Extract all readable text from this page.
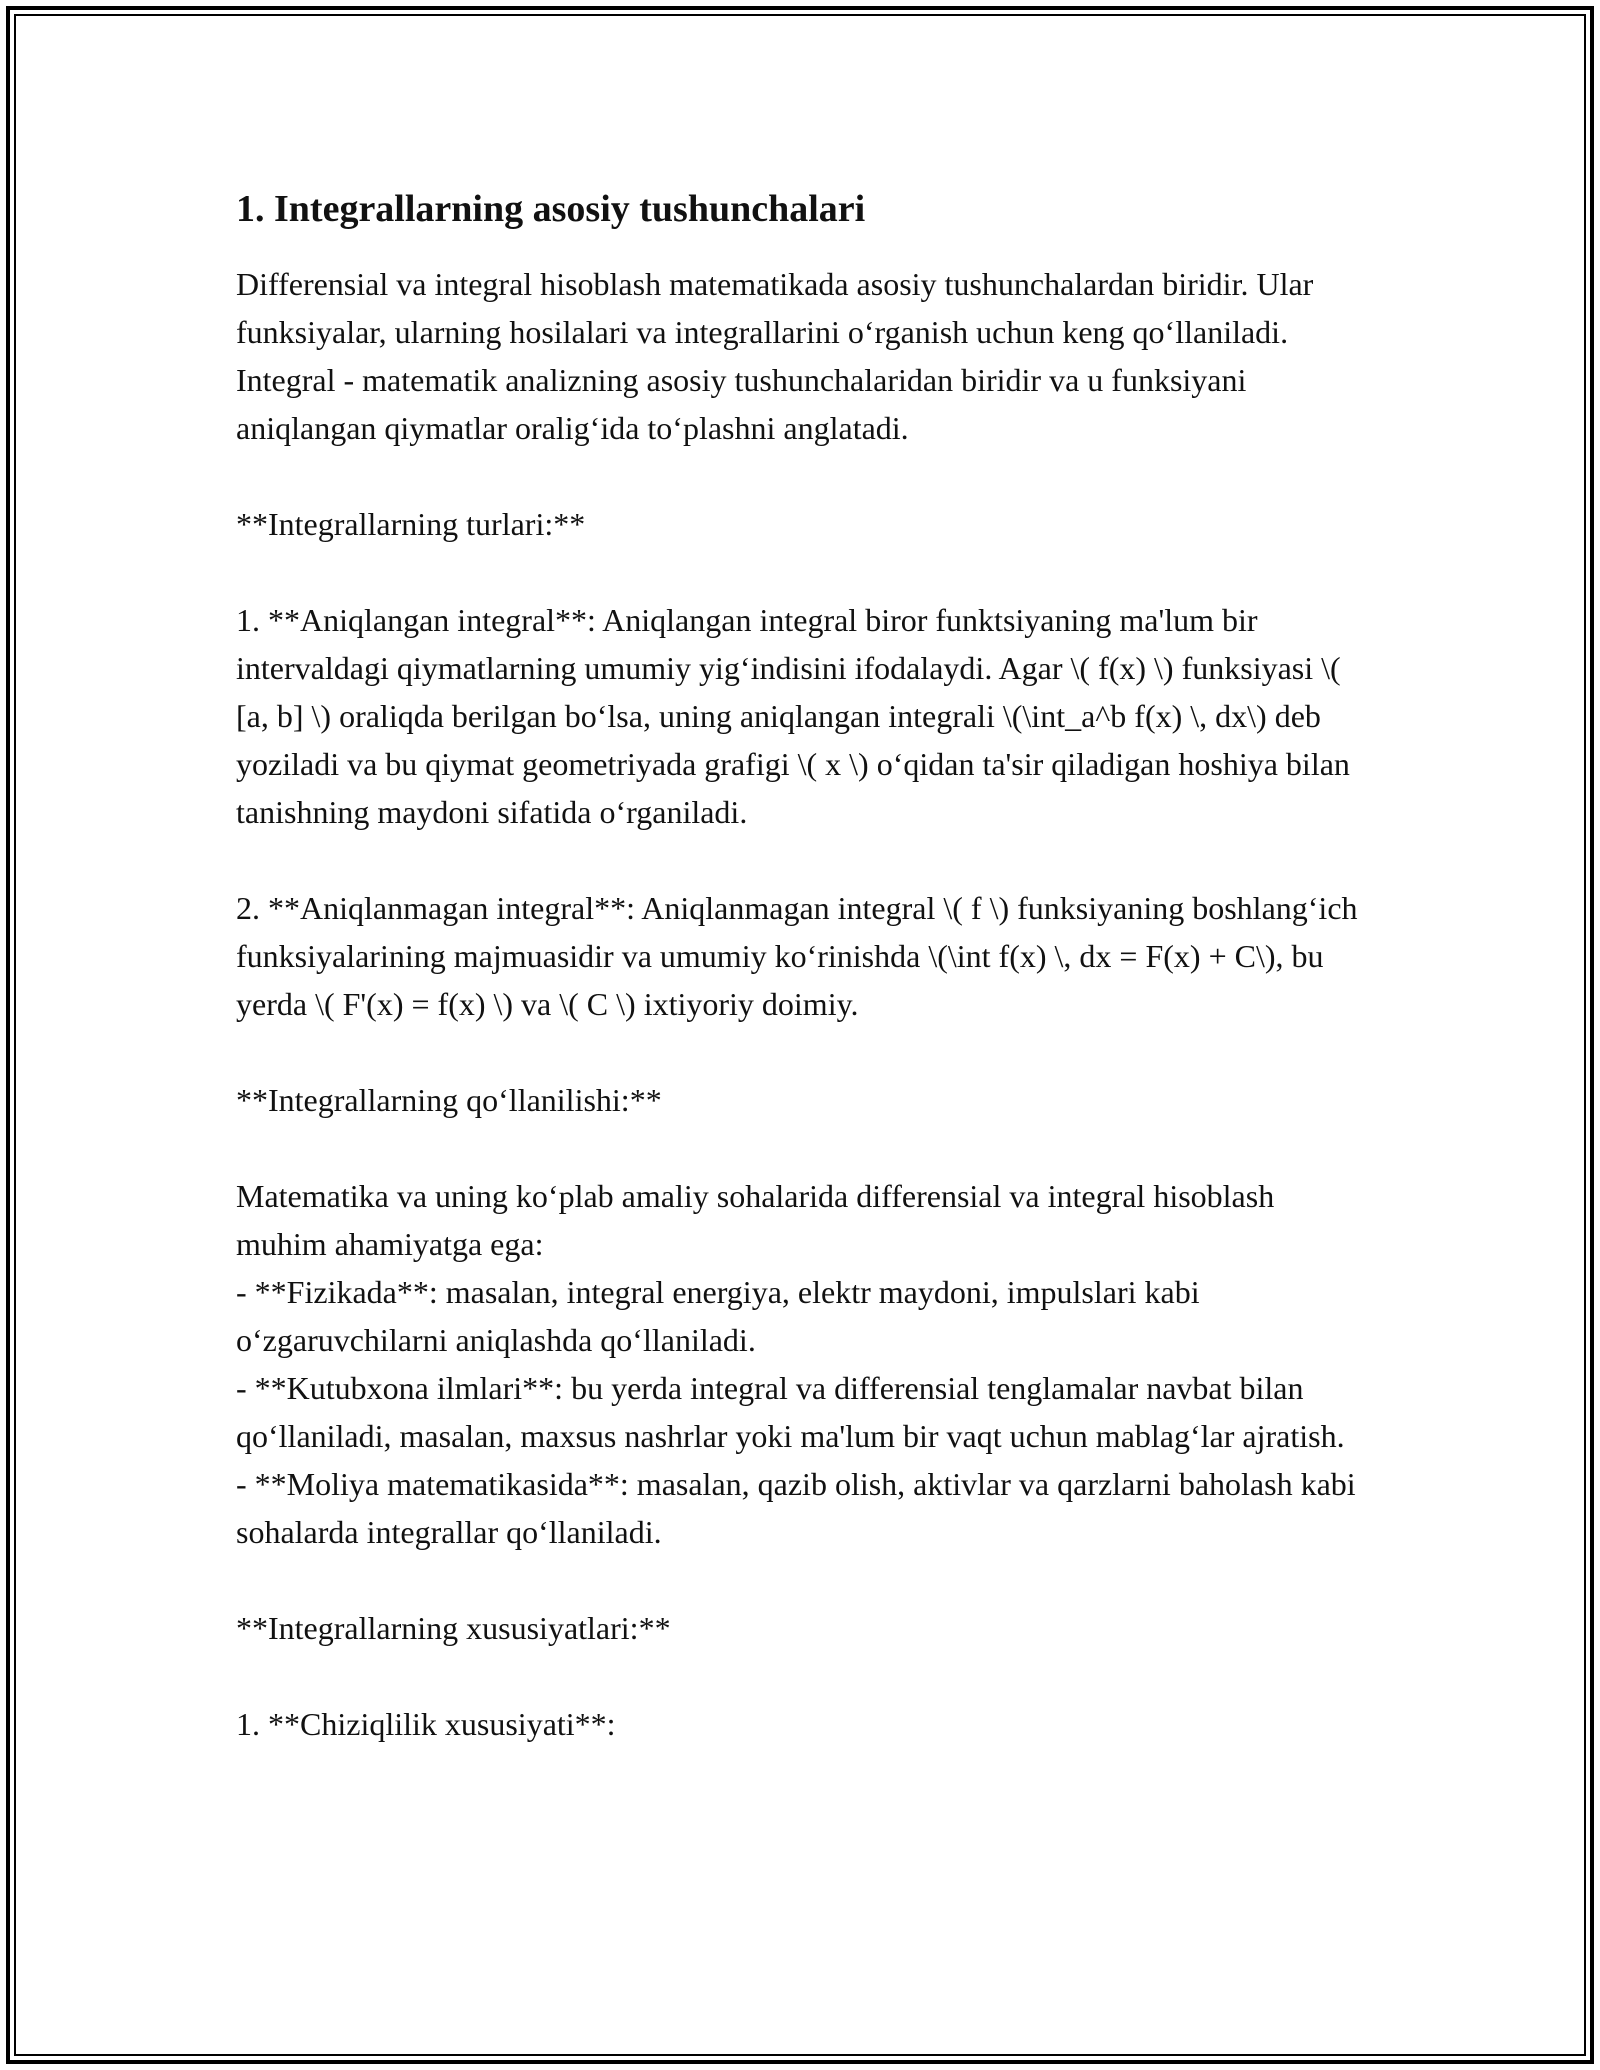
1. Integrallarning asosiy tushunchalari

Differensial va integral hisoblash matematikada asosiy tushunchalardan biridir. Ular funksiyalar, ularning hosilalari va integrallarini oʻrganish uchun keng qoʻllaniladi. Integral - matematik analizning asosiy tushunchalaridan biridir va u funksiyani aniqlangan qiymatlar oraligʻida toʻplashni anglatadi.

**Integrallarning turlari:**

1. **Aniqlangan integral**: Aniqlangan integral biror funktsiyaning ma'lum bir intervaldagi qiymatlarning umumiy yigʻindisini ifodalaydi. Agar \( f(x) \) funksiyasi \( [a, b] \) oraliqda berilgan boʻlsa, uning aniqlangan integrali \(\int_a^b f(x) \, dx\) deb yoziladi va bu qiymat geometriyada grafigi \( x \) oʻqidan ta'sir qiladigan hoshiya bilan tanishning maydoni sifatida oʻrganiladi.

2. **Aniqlanmagan integral**: Aniqlanmagan integral \( f \) funksiyaning boshlangʻich funksiyalarining majmuasidir va umumiy koʻrinishda \(\int f(x) \, dx = F(x) + C\), bu yerda \( F'(x) = f(x) \) va \( C \) ixtiyoriy doimiy.

**Integrallarning qoʻllanilishi:**

Matematika va uning koʻplab amaliy sohalarida differensial va integral hisoblash muhim ahamiyatga ega:

- **Fizikada**: masalan, integral energiya, elektr maydoni, impulslari kabi oʻzgaruvchilarni aniqlashda qoʻllaniladi.

- **Kutubxona ilmlari**: bu yerda integral va differensial tenglamalar navbat bilan qoʻllaniladi, masalan, maxsus nashrlar yoki ma'lum bir vaqt uchun mablagʻlar ajratish.

- **Moliya matematikasida**: masalan, qazib olish, aktivlar va qarzlarni baholash kabi sohalarda integrallar qoʻllaniladi.

**Integrallarning xususiyatlari:**

1. **Chiziqlilik xususiyati**:
